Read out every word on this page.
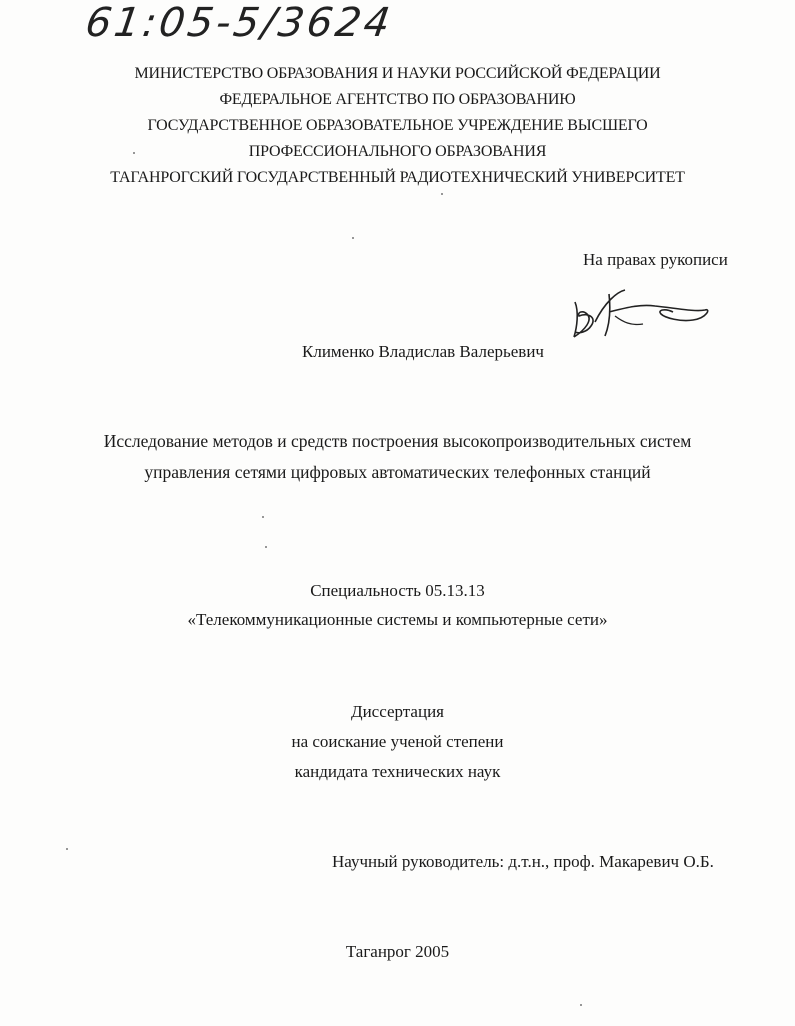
61:05-5/3624
МИНИСТЕРСТВО ОБРАЗОВАНИЯ И НАУКИ РОССИЙСКОЙ ФЕДЕРАЦИИ
ФЕДЕРАЛЬНОЕ АГЕНТСТВО ПО ОБРАЗОВАНИЮ
ГОСУДАРСТВЕННОЕ ОБРАЗОВАТЕЛЬНОЕ УЧРЕЖДЕНИЕ ВЫСШЕГО
ПРОФЕССИОНАЛЬНОГО ОБРАЗОВАНИЯ
ТАГАНРОГСКИЙ ГОСУДАРСТВЕННЫЙ РАДИОТЕХНИЧЕСКИЙ УНИВЕРСИТЕТ
На правах рукописи
Клименко Владислав Валерьевич
Исследование методов и средств построения высокопроизводительных систем
управления сетями цифровых автоматических телефонных станций
Специальность 05.13.13
«Телекоммуникационные системы и компьютерные сети»
Диссертация
на соискание ученой степени
кандидата технических наук
Научный руководитель: д.т.н., проф. Макаревич О.Б.
Таганрог 2005
